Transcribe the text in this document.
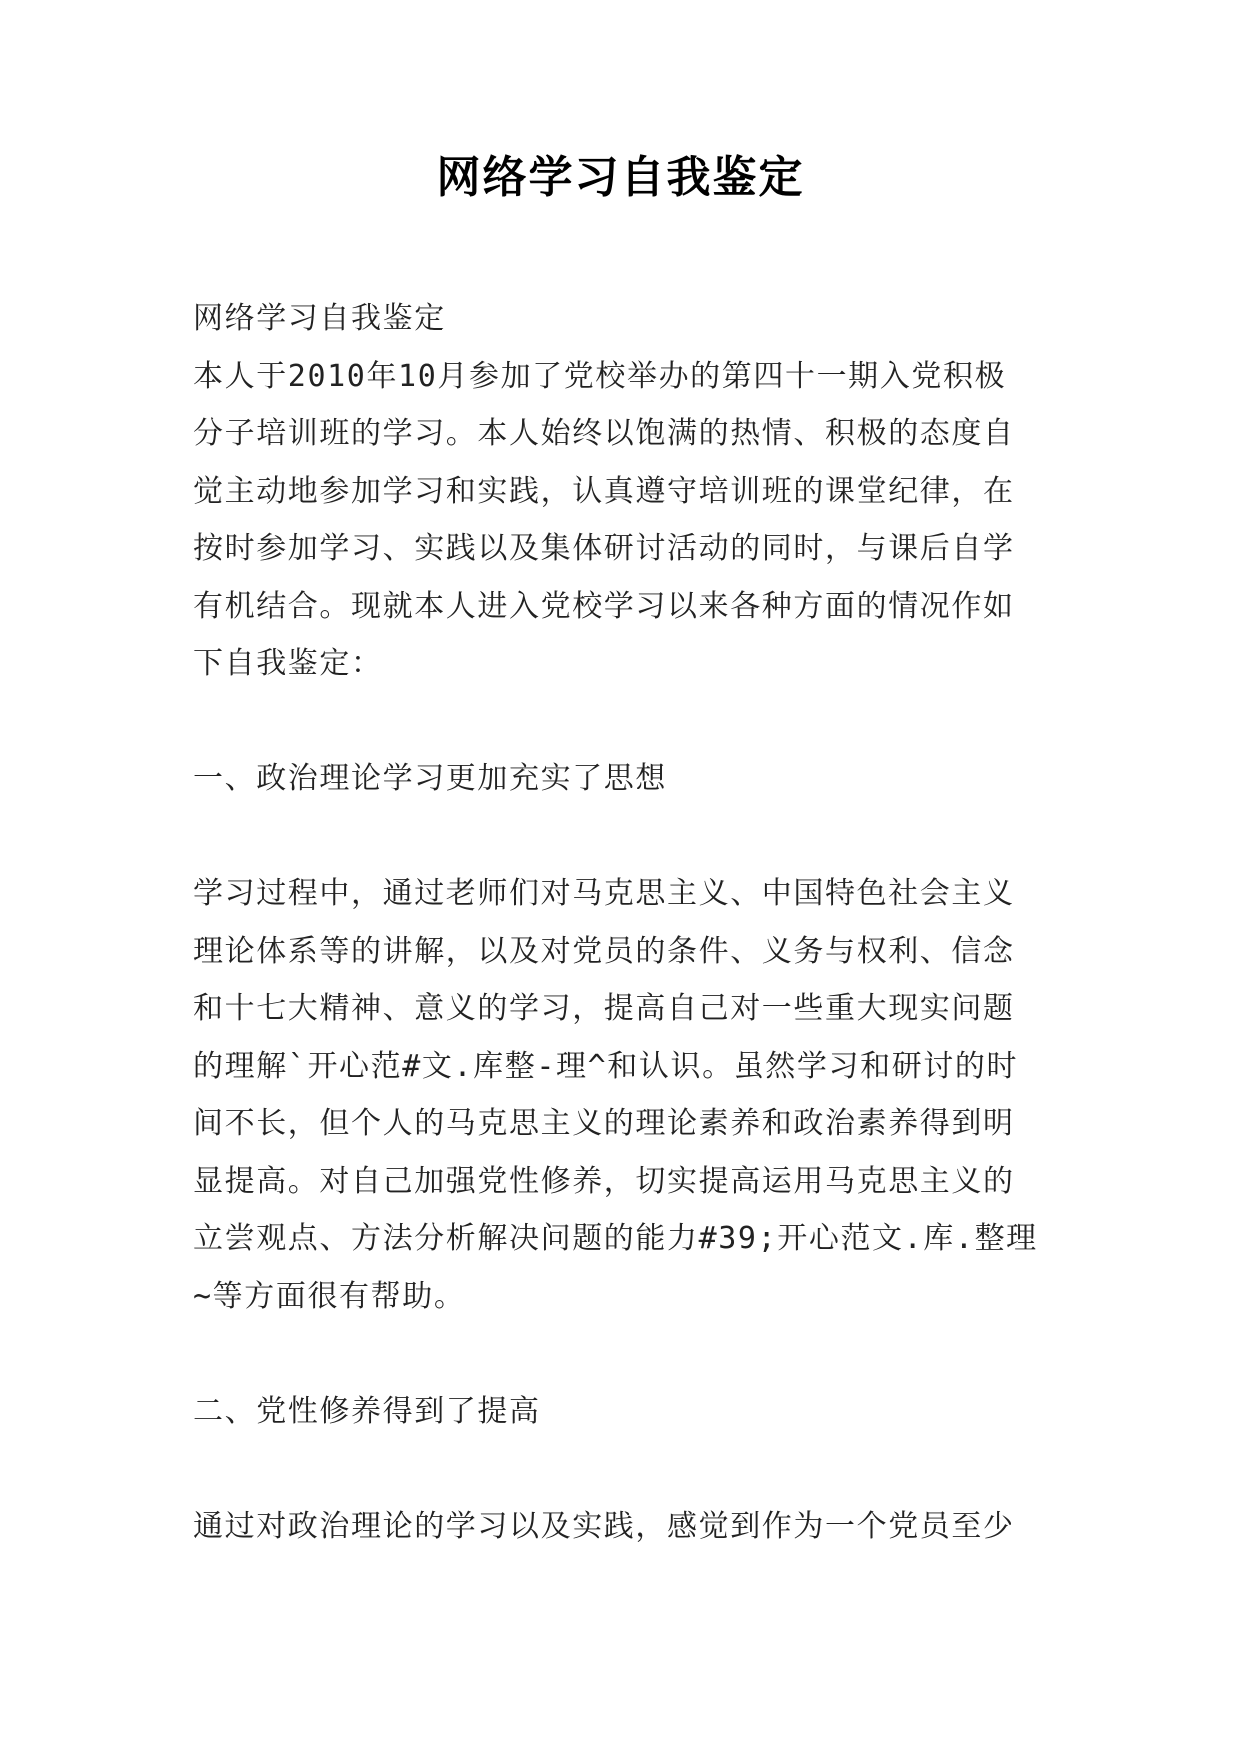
网络学习自我鉴定
网络学习自我鉴定
本人于2010年10月参加了党校举办的第四十一期入党积极
分子培训班的学习。本人始终以饱满的热情、积极的态度自
觉主动地参加学习和实践，认真遵守培训班的课堂纪律，在
按时参加学习、实践以及集体研讨活动的同时，与课后自学
有机结合。现就本人进入党校学习以来各种方面的情况作如
下自我鉴定：
一、政治理论学习更加充实了思想
学习过程中，通过老师们对马克思主义、中国特色社会主义
理论体系等的讲解，以及对党员的条件、义务与权利、信念
和十七大精神、意义的学习，提高自己对一些重大现实问题
的理解`开心范#文.库整-理^和认识。虽然学习和研讨的时
间不长，但个人的马克思主义的理论素养和政治素养得到明
显提高。对自己加强党性修养，切实提高运用马克思主义的
立尝观点、方法分析解决问题的能力#39;开心范文.库.整理
~等方面很有帮助。
二、党性修养得到了提高
通过对政治理论的学习以及实践，感觉到作为一个党员至少
